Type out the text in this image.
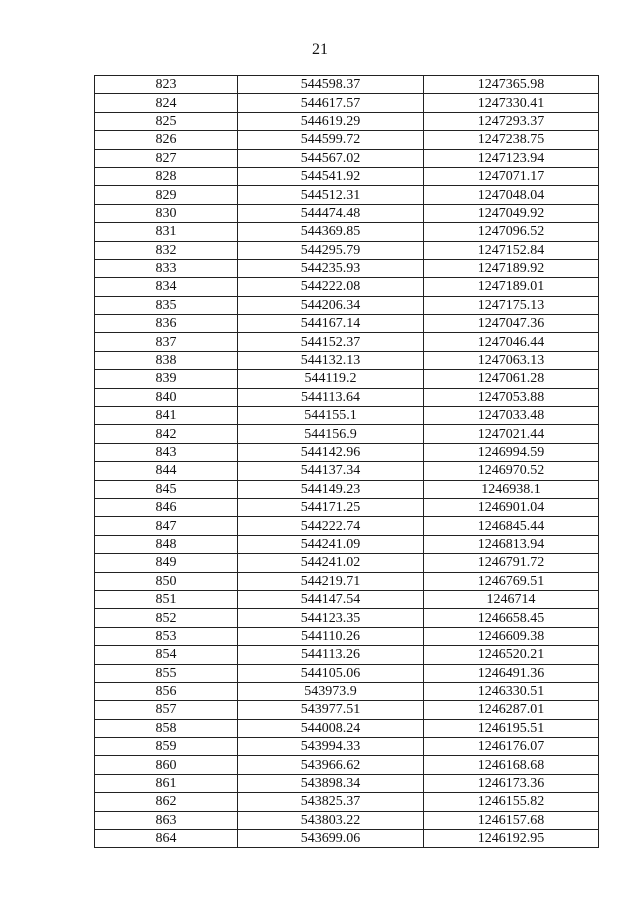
21
823	544598.37	1247365.98
824	544617.57	1247330.41
825	544619.29	1247293.37
826	544599.72	1247238.75
827	544567.02	1247123.94
828	544541.92	1247071.17
829	544512.31	1247048.04
830	544474.48	1247049.92
831	544369.85	1247096.52
832	544295.79	1247152.84
833	544235.93	1247189.92
834	544222.08	1247189.01
835	544206.34	1247175.13
836	544167.14	1247047.36
837	544152.37	1247046.44
838	544132.13	1247063.13
839	544119.2	1247061.28
840	544113.64	1247053.88
841	544155.1	1247033.48
842	544156.9	1247021.44
843	544142.96	1246994.59
844	544137.34	1246970.52
845	544149.23	1246938.1
846	544171.25	1246901.04
847	544222.74	1246845.44
848	544241.09	1246813.94
849	544241.02	1246791.72
850	544219.71	1246769.51
851	544147.54	1246714
852	544123.35	1246658.45
853	544110.26	1246609.38
854	544113.26	1246520.21
855	544105.06	1246491.36
856	543973.9	1246330.51
857	543977.51	1246287.01
858	544008.24	1246195.51
859	543994.33	1246176.07
860	543966.62	1246168.68
861	543898.34	1246173.36
862	543825.37	1246155.82
863	543803.22	1246157.68
864	543699.06	1246192.95
